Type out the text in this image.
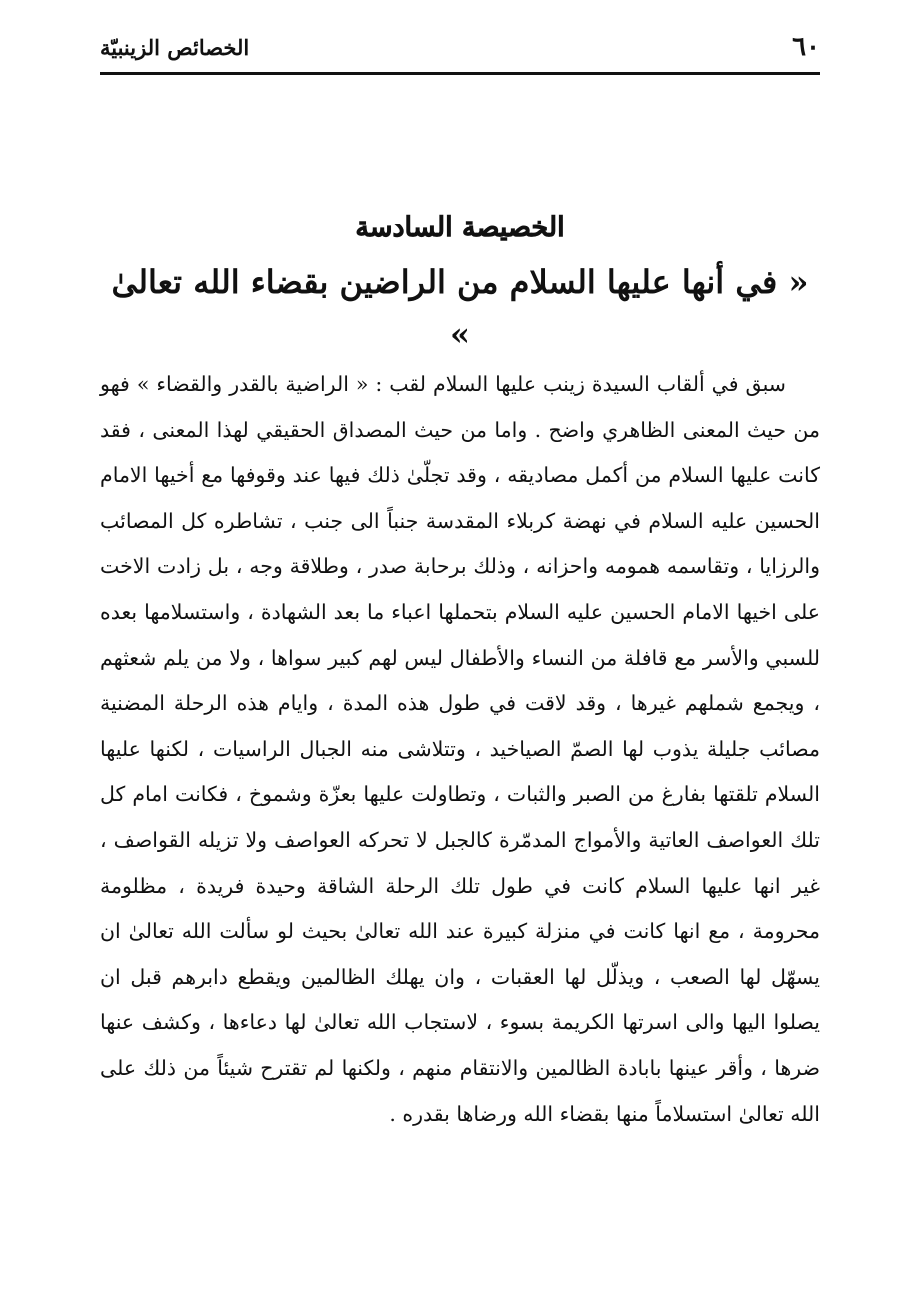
٦٠
الخصائص الزينبيّة
الخصيصة السادسة
« في أنها عليها السلام من الراضين بقضاء الله تعالىٰ »

سبق في ألقاب السيدة زينب عليها السلام لقب : « الراضية بالقدر والقضاء » فهو من حيث المعنى الظاهري واضح . واما من حيث المصداق الحقيقي لهذا المعنى ، فقد كانت عليها السلام من أكمل مصاديقه ، وقد تجلّىٰ ذلك فيها عند وقوفها مع أخيها الامام الحسين عليه السلام في نهضة كربلاء المقدسة جنباً الى جنب ، تشاطره كل المصائب والرزايا ، وتقاسمه همومه واحزانه ، وذلك برحابة صدر ، وطلاقة وجه ، بل زادت الاخت على اخيها الامام الحسين عليه السلام بتحملها اعباء ما بعد الشهادة ، واستسلامها بعده للسبي والأسر مع قافلة من النساء والأطفال ليس لهم كبير سواها ، ولا من يلم شعثهم ، ويجمع شملهم غيرها ، وقد لاقت في طول هذه المدة ، وايام هذه الرحلة المضنية مصائب جليلة يذوب لها الصمّ الصياخيد ، وتتلاشى منه الجبال الراسيات ، لكنها عليها السلام تلقتها بفارغ من الصبر والثبات ، وتطاولت عليها بعزّة وشموخ ، فكانت امام كل تلك العواصف العاتية والأمواج المدمّرة كالجبل لا تحركه العواصف ولا تزيله القواصف ، غير انها عليها السلام كانت في طول تلك الرحلة الشاقة وحيدة فريدة ، مظلومة محرومة ، مع انها كانت في منزلة كبيرة عند الله تعالىٰ بحيث لو سألت الله تعالىٰ ان يسهّل لها الصعب ، ويذلّل لها العقبات ، وان يهلك الظالمين ويقطع دابرهم قبل ان يصلوا اليها والى اسرتها الكريمة بسوء ، لاستجاب الله تعالىٰ لها دعاءها ، وكشف عنها ضرها ، وأقر عينها بابادة الظالمين والانتقام منهم ، ولكنها لم تقترح شيئاً من ذلك على الله تعالىٰ استسلاماً منها بقضاء الله ورضاها بقدره .
